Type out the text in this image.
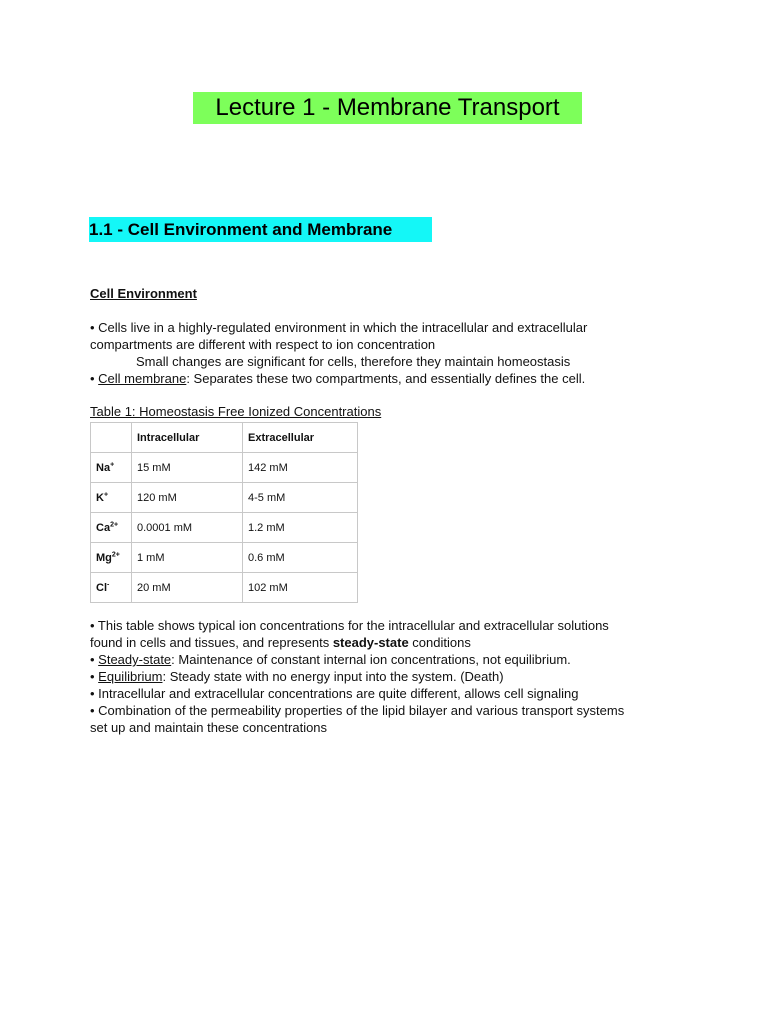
Lecture 1 - Membrane Transport
1.1 - Cell Environment and Membrane
Cell Environment
• Cells live in a highly-regulated environment in which the intracellular and extracellular
compartments are different with respect to ion concentration
Small changes are significant for cells, therefore they maintain homeostasis
• Cell membrane: Separates these two compartments, and essentially defines the cell.
Table 1: Homeostasis Free Ionized Concentrations
	Intracellular	Extracellular
Na+	15 mM	142 mM
K+	120 mM	4-5 mM
$Ca^{2+}$	0.0001 mM	1.2 mM
$Mg^{2+}$	1 mM	0.6 mM
Cl-	20 mM	102 mM
• This table shows typical ion concentrations for the intracellular and extracellular solutions
found in cells and tissues, and represents steady-state conditions
• Steady-state: Maintenance of constant internal ion concentrations, not equilibrium.
• Equilibrium: Steady state with no energy input into the system. (Death)
• Intracellular and extracellular concentrations are quite different, allows cell signaling
• Combination of the permeability properties of the lipid bilayer and various transport systems
set up and maintain these concentrations
